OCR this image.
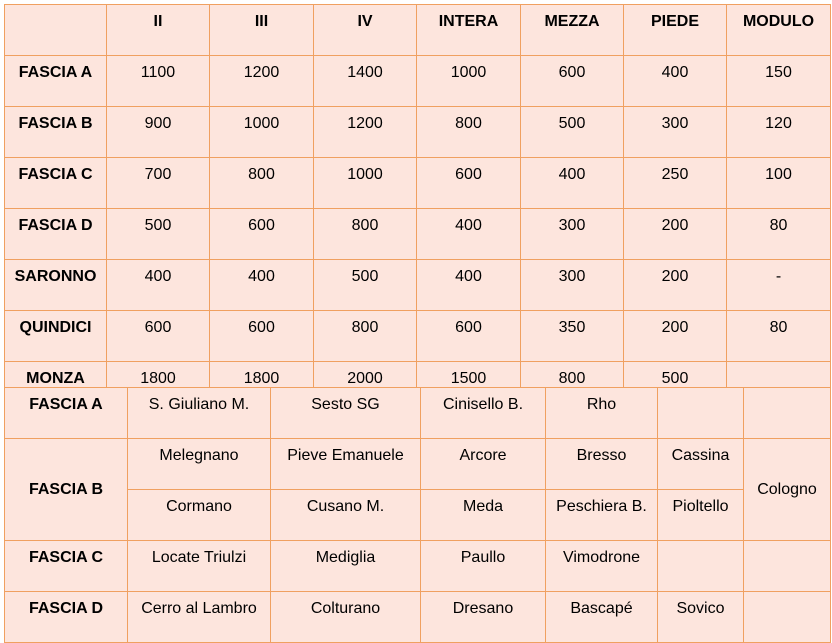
	II	III	IV	INTERA	MEZZA	PIEDE	MODULO
FASCIA A	1100	1200	1400	1000	600	400	150
FASCIA B	900	1000	1200	800	500	300	120
FASCIA C	700	800	1000	600	400	250	100
FASCIA D	500	600	800	400	300	200	80
SARONNO	400	400	500	400	300	200	-
QUINDICI	600	600	800	600	350	200	80
MONZA	1800	1800	2000	1500	800	500	
FASCIA A	S. Giuliano M.	Sesto SG	Cinisello B.	Rho		
FASCIA B	Melegnano	Pieve Emanuele	Arcore	Bresso	Cassina	Cologno
	Cormano	Cusano M.	Meda	Peschiera B.	Pioltello	
FASCIA C	Locate Triulzi	Mediglia	Paullo	Vimodrone		
FASCIA D	Cerro al Lambro	Colturano	Dresano	Bascapé	Sovico	
